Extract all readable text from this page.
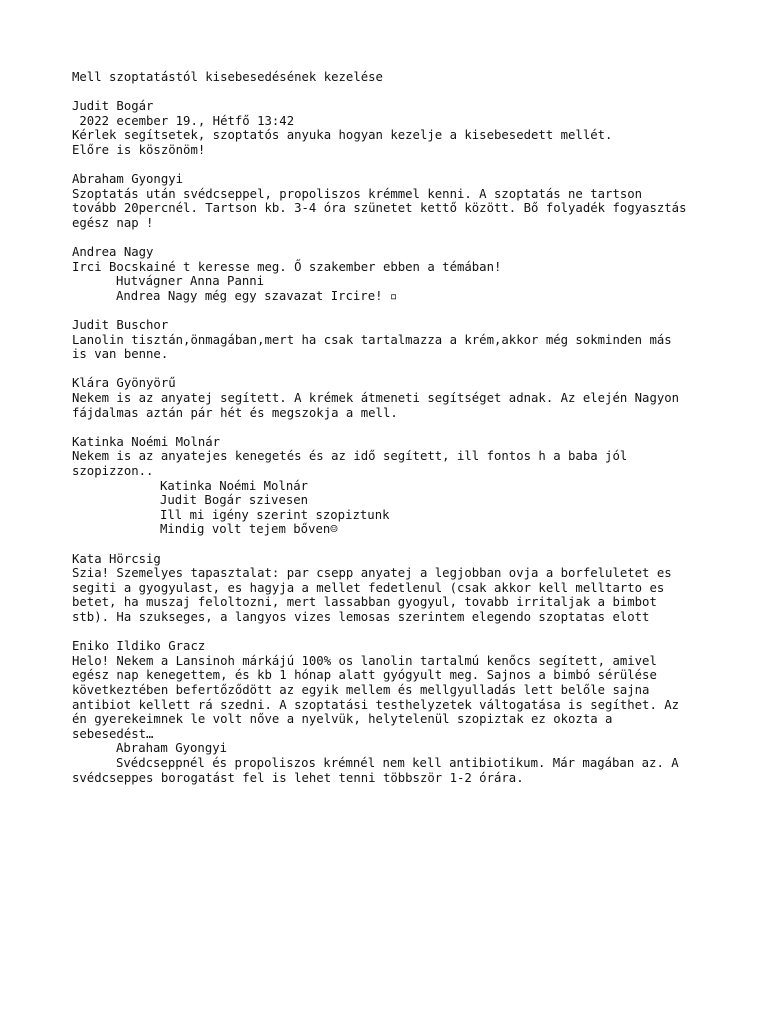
Mell szoptatástól kisebesedésének kezelése
Judit Bogár
2022 ecember 19., Hétfő 13:42
Kérlek segítsetek, szoptatós anyuka hogyan kezelje a kisebesedett mellét.
Előre is köszönöm!
Abraham Gyongyi
Szoptatás után svédcseppel, propoliszos krémmel kenni. A szoptatás ne tartson
tovább 20percnél. Tartson kb. 3-4 óra szünetet kettő között. Bő folyadék fogyasztás
egész nap !
Andrea Nagy
Irci Bocskainé t keresse meg. Ő szakember ebben a témában!
Hutvágner Anna Panni
Andrea Nagy még egy szavazat Ircire! ▫
Judit Buschor
Lanolin tisztán,önmagában,mert ha csak tartalmazza a krém,akkor még sokminden más
is van benne.
Klára Gyönyörű
Nekem is az anyatej segített. A krémek átmeneti segítséget adnak. Az elején Nagyon
fájdalmas aztán pár hét és megszokja a mell.
Katinka Noémi Molnár
Nekem is az anyatejes kenegetés és az idő segített, ill fontos h a baba jól
szopizzon..
Katinka Noémi Molnár
Judit Bogár szivesen
Ill mi igény szerint szopiztunk
Mindig volt tejem bőven☺
Kata Hörcsig
Szia! Szemelyes tapasztalat: par csepp anyatej a legjobban ovja a borfeluletet es
segiti a gyogyulast, es hagyja a mellet fedetlenul (csak akkor kell melltarto es
betet, ha muszaj feloltozni, mert lassabban gyogyul, tovabb irritaljak a bimbot
stb). Ha szukseges, a langyos vizes lemosas szerintem elegendo szoptatas elott
Eniko Ildiko Gracz
Helo! Nekem a Lansinoh márkájú 100% os lanolin tartalmú kenőcs segített, amivel
egész nap kenegettem, és kb 1 hónap alatt gyógyult meg. Sajnos a bimbó sérülése
következtében befertőződött az egyik mellem és mellgyulladás lett belőle sajna
antibiot kellett rá szedni. A szoptatási testhelyzetek váltogatása is segíthet. Az
én gyerekeimnek le volt nőve a nyelvük, helytelenül szopiztak ez okozta a
sebesedést…
Abraham Gyongyi
Svédcseppnél és propoliszos krémnél nem kell antibiotikum. Már magában az. A
svédcseppes borogatást fel is lehet tenni többször 1-2 órára.
